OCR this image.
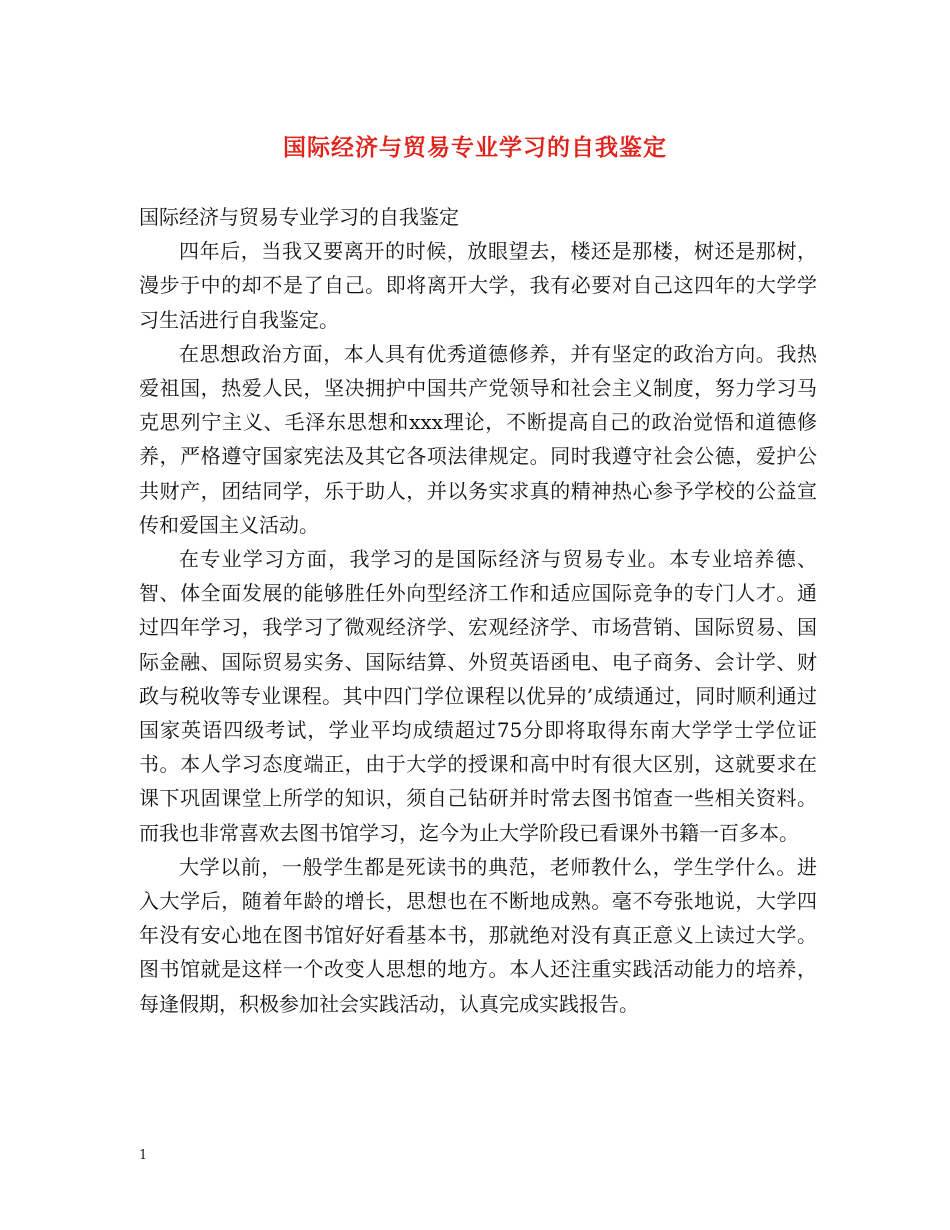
国际经济与贸易专业学习的自我鉴定

国际经济与贸易专业学习的自我鉴定

四年后，当我又要离开的时候，放眼望去，楼还是那楼，树还是那树，漫步于中的却不是了自己。即将离开大学，我有必要对自己这四年的大学学习生活进行自我鉴定。

在思想政治方面，本人具有优秀道德修养，并有坚定的政治方向。我热爱祖国，热爱人民，坚决拥护中国共产党领导和社会主义制度，努力学习马克思列宁主义、毛泽东思想和xxx理论，不断提高自己的政治觉悟和道德修养，严格遵守国家宪法及其它各项法律规定。同时我遵守社会公德，爱护公共财产，团结同学，乐于助人，并以务实求真的精神热心参予学校的公益宣传和爱国主义活动。

在专业学习方面，我学习的是国际经济与贸易专业。本专业培养德、智、体全面发展的能够胜任外向型经济工作和适应国际竞争的专门人才。通过四年学习，我学习了微观经济学、宏观经济学、市场营销、国际贸易、国际金融、国际贸易实务、国际结算、外贸英语函电、电子商务、会计学、财政与税收等专业课程。其中四门学位课程以优异的’成绩通过，同时顺利通过国家英语四级考试，学业平均成绩超过75分即将取得东南大学学士学位证书。本人学习态度端正，由于大学的授课和高中时有很大区别，这就要求在课下巩固课堂上所学的知识，须自己钻研并时常去图书馆查一些相关资料。而我也非常喜欢去图书馆学习，迄今为止大学阶段已看课外书籍一百多本。

大学以前，一般学生都是死读书的典范，老师教什么，学生学什么。进入大学后，随着年龄的增长，思想也在不断地成熟。毫不夸张地说，大学四年没有安心地在图书馆好好看基本书，那就绝对没有真正意义上读过大学。图书馆就是这样一个改变人思想的地方。本人还注重实践活动能力的培养，每逢假期，积极参加社会实践活动，认真完成实践报告。

1
